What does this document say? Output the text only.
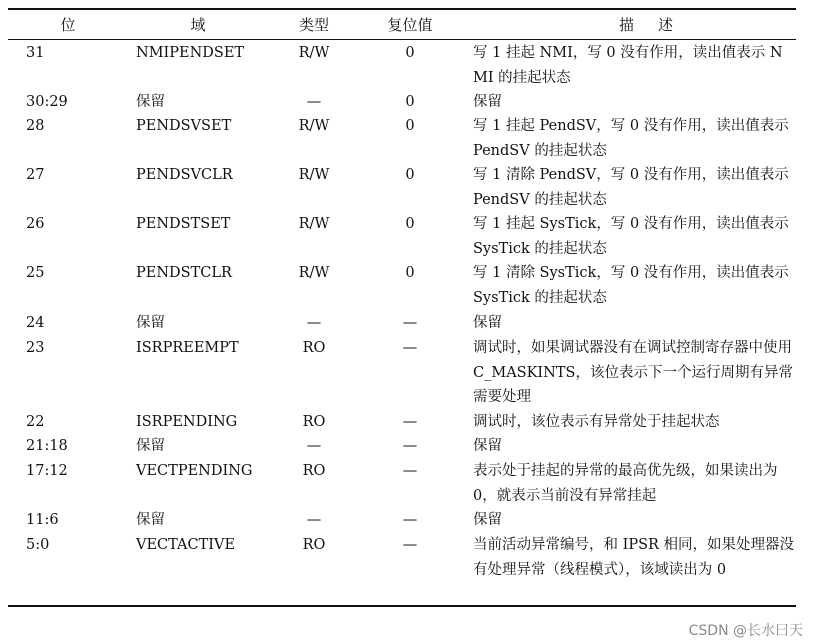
位	域	类型	复位值	描述
31	NMIPENDSET	R/W	0	写 1 挂起 NMI，写 0 没有作用，读出值表示 NMI 的挂起状态
30:29	保留	—	0	保留
28	PENDSVSET	R/W	0	写 1 挂起 PendSV，写 0 没有作用，读出值表示 PendSV 的挂起状态
27	PENDSVCLR	R/W	0	写 1 清除 PendSV，写 0 没有作用，读出值表示 PendSV 的挂起状态
26	PENDSTSET	R/W	0	写 1 挂起 SysTick，写 0 没有作用，读出值表示 SysTick 的挂起状态
25	PENDSTCLR	R/W	0	写 1 清除 SysTick，写 0 没有作用，读出值表示 SysTick 的挂起状态
24	保留	—	—	保留
23	ISRPREEMPT	RO	—	调试时，如果调试器没有在调试控制寄存器中使用 C_MASKINTS，该位表示下一个运行周期有异常需要处理
22	ISRPENDING	RO	—	调试时，该位表示有异常处于挂起状态
21:18	保留	—	—	保留
17:12	VECTPENDING	RO	—	表示处于挂起的异常的最高优先级，如果读出为 0，就表示当前没有异常挂起
11:6	保留	—	—	保留
5:0	VECTACTIVE	RO	—	当前活动异常编号，和 IPSR 相同，如果处理器没有处理异常（线程模式），该域读出为 0
CSDN @长水曰天
